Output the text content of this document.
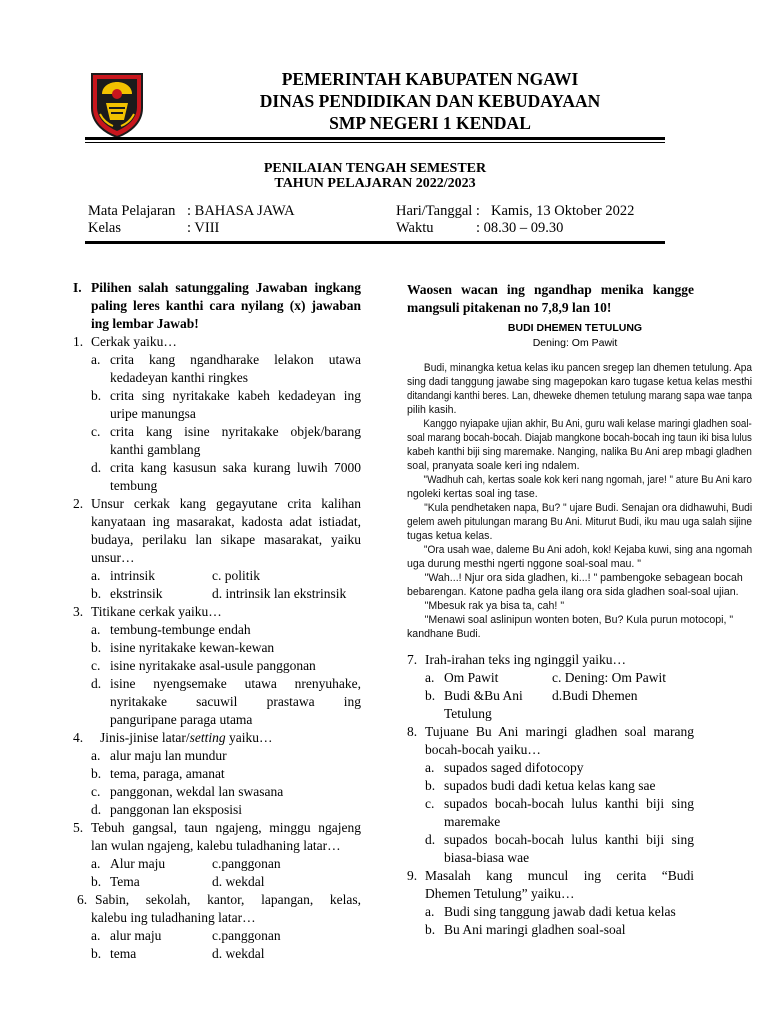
PEMERINTAH KABUPATEN NGAWI
DINAS PENDIDIKAN DAN KEBUDAYAAN
SMP NEGERI 1 KENDAL
PENILAIAN TENGAH SEMESTER
TAHUN PELAJARAN 2022/2023
Mata Pelajaran : BAHASA JAWA
Kelas	: VIII
Hari/Tanggal : Kamis, 13 Oktober 2022
Waktu	: 08.30 – 09.30
I. Pilihen salah satunggaling Jawaban ingkang
paling leres kanthi cara nyilang (x) jawaban
ing lembar Jawab!
1. Cerkak yaiku…
a. crita kang ngandharake lelakon utawa
kedadeyan kanthi ringkes
b. crita sing nyritakake kabeh kedadeyan ing
uripe manungsa
c. crita kang isine nyritakake objek/barang
kanthi gamblang
d. crita kang kasusun saka kurang luwih 7000
tembung
2. Unsur cerkak kang gegayutane crita kalihan
kanyataan ing masarakat, kadosta adat istiadat,
budaya, perilaku lan sikape masarakat, yaiku
unsur…
a. intrinsik	c. politik
b. ekstrinsik	d. intrinsik lan ekstrinsik
3. Titikane cerkak yaiku…
a. tembung-tembunge endah
b. isine nyritakake kewan-kewan
c. isine nyritakake asal-usule panggonan
d. isine nyengsemake utawa nrenyuhake,
nyritakake sacuwil prastawa ing
panguripane paraga utama
4. Jinis-jinise latar/setting yaiku…
a. alur maju lan mundur
b. tema, paraga, amanat
c. panggonan, wekdal lan swasana
d. panggonan lan eksposisi
5. Tebuh gangsal, taun ngajeng, minggu ngajeng
lan wulan ngajeng, kalebu tuladhaning latar…
a. Alur maju	c.panggonan
b. Tema	d. wekdal
6. Sabin, sekolah, kantor, lapangan, kelas,
kalebu ing tuladhaning latar…
a. alur maju	c.panggonan
b. tema	d. wekdal
Waosen wacan ing ngandhap menika kangge
mangsuli pitakenan no 7,8,9 lan 10!
BUDI DHEMEN TETULUNG
Dening: Om Pawit
Budi, minangka ketua kelas iku pancen sregep lan dhemen tetulung. Apa
sing dadi tanggung jawabe sing magepokan karo tugase ketua kelas mesthi
ditandangi kanthi beres. Lan, dheweke dhemen tetulung marang sapa wae tanpa
pilih kasih.
Kanggo nyiapake ujian akhir, Bu Ani, guru wali kelase maringi gladhen soal-
soal marang bocah-bocah. Diajab mangkone bocah-bocah ing taun iki bisa lulus
kabeh kanthi biji sing maremake. Nanging, nalika Bu Ani arep mbagi gladhen
soal, pranyata soale keri ing ndalem.
"Wadhuh cah, kertas soale kok keri nang ngomah, jare! " ature Bu Ani karo
ngoleki kertas soal ing tase.
"Kula pendhetaken napa, Bu? " ujare Budi. Senajan ora didhawuhi, Budi
gelem aweh pitulungan marang Bu Ani. Miturut Budi, iku mau uga salah sijine
tugas ketua kelas.
"Ora usah wae, daleme Bu Ani adoh, kok! Kejaba kuwi, sing ana ngomah
uga durung mesthi ngerti nggone soal-soal mau. "
"Wah...! Njur ora sida gladhen, ki...! " pambengoke sebagean bocah
bebarengan. Katone padha gela ilang ora sida gladhen soal-soal ujian.
"Mbesuk rak ya bisa ta, cah! "
"Menawi soal aslinipun wonten boten, Bu? Kula purun motocopi, "
kandhane Budi.
7. Irah-irahan teks ing nginggil yaiku…
a. Om Pawit	c. Dening: Om Pawit
b. Budi &Bu Ani d.Budi Dhemen
Tetulung
8. Tujuane Bu Ani maringi gladhen soal marang
bocah-bocah yaiku…
a. supados saged difotocopy
b. supados budi dadi ketua kelas kang sae
c. supados bocah-bocah lulus kanthi biji sing
maremake
d. supados bocah-bocah lulus kanthi biji sing
biasa-biasa wae
9. Masalah kang muncul ing cerita “Budi
Dhemen Tetulung” yaiku…
a. Budi sing tanggung jawab dadi ketua kelas
b. Bu Ani maringi gladhen soal-soal
